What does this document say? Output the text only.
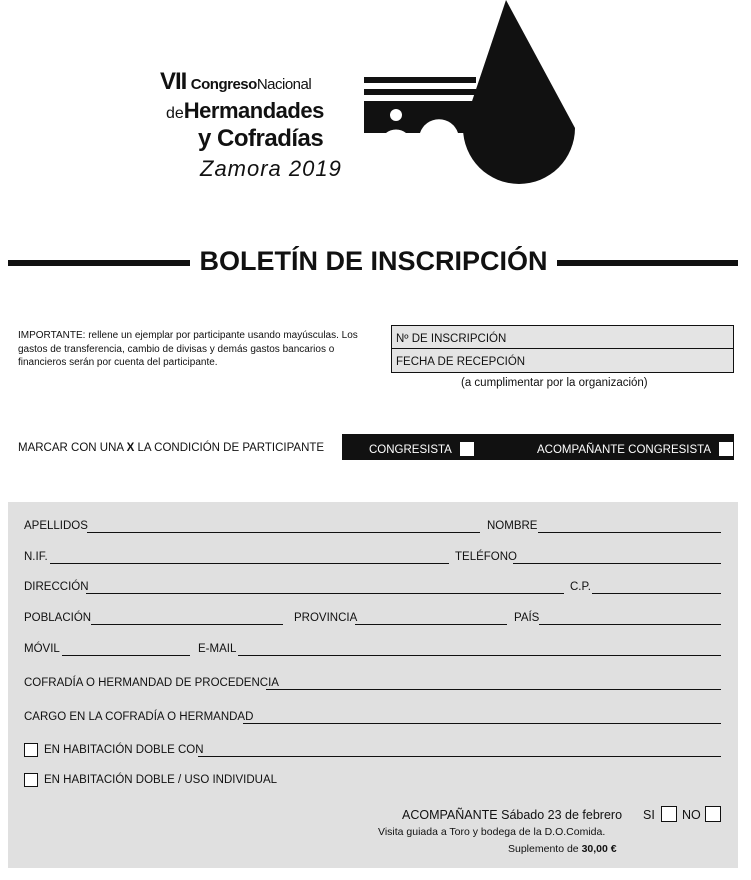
VII CongresoNacional
deHermandades
y Cofradías
Zamora 2019
BOLETÍN DE INSCRIPCIÓN
IMPORTANTE: rellene un ejemplar por participante usando mayúsculas. Los gastos de transferencia, cambio de divisas y demás gastos bancarios o financieros serán por cuenta del participante.
Nº DE INSCRIPCIÓN
FECHA DE RECEPCIÓN
(a cumplimentar por la organización)
MARCAR CON UNA X LA CONDICIÓN DE PARTICIPANTE	CONGRESISTA	ACOMPAÑANTE CONGRESISTA
APELLIDOS	NOMBRE
N.IF.	TELÉFONO
DIRECCIÓN	C.P.
POBLACIÓN	PROVINCIA	PAÍS
MÓVIL	E-MAIL
COFRADÍA O HERMANDAD DE PROCEDENCIA
CARGO EN LA COFRADÍA O HERMANDAD
EN HABITACIÓN DOBLE CON
EN HABITACIÓN DOBLE / USO INDIVIDUAL
ACOMPAÑANTE Sábado 23 de febrero SI NO
Visita guiada a Toro y bodega de la D.O.Comida.
Suplemento de 30,00 €
